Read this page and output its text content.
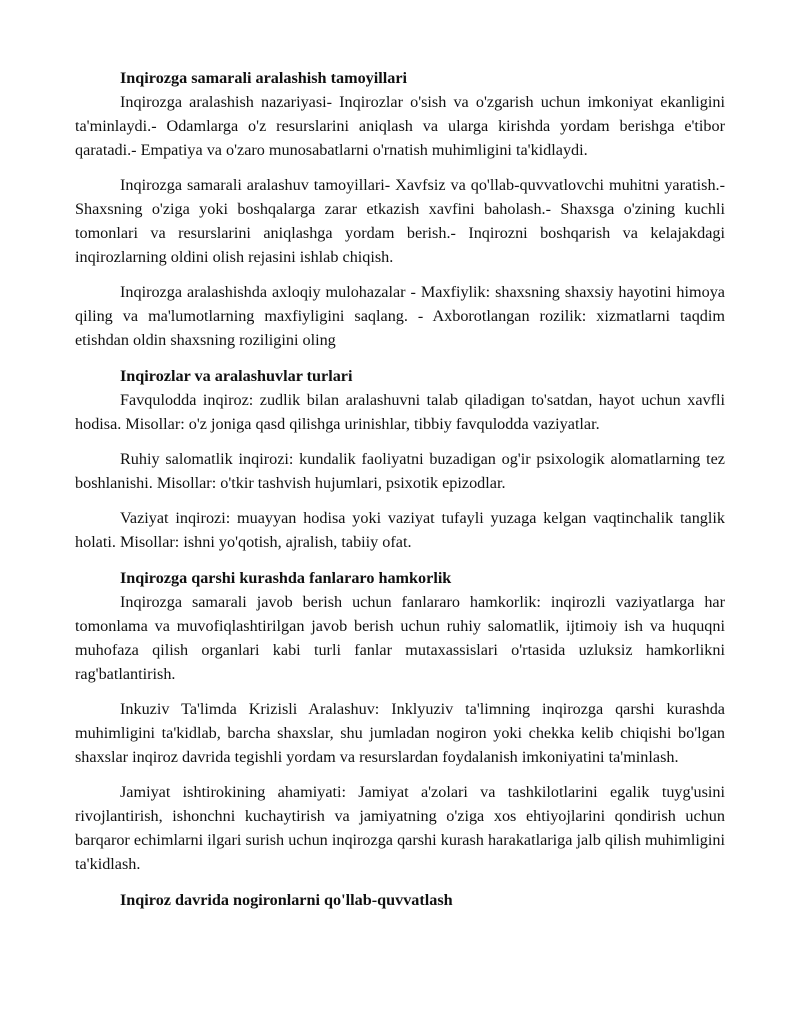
Inqirozga samarali aralashish tamoyillari

Inqirozga aralashish nazariyasi- Inqirozlar o'sish va o'zgarish uchun imkoniyat ekanligini ta'minlaydi.- Odamlarga o'z resurslarini aniqlash va ularga kirishda yordam berishga e'tibor qaratadi.- Empatiya va o'zaro munosabatlarni o'rnatish muhimligini ta'kidlaydi.

Inqirozga samarali aralashuv tamoyillari- Xavfsiz va qo'llab-quvvatlovchi muhitni yaratish.- Shaxsning o'ziga yoki boshqalarga zarar etkazish xavfini baholash.- Shaxsga o'zining kuchli tomonlari va resurslarini aniqlashga yordam berish.- Inqirozni boshqarish va kelajakdagi inqirozlarning oldini olish rejasini ishlab chiqish.

Inqirozga aralashishda axloqiy mulohazalar - Maxfiylik: shaxsning shaxsiy hayotini himoya qiling va ma'lumotlarning maxfiyligini saqlang. - Axborotlangan rozilik: xizmatlarni taqdim etishdan oldin shaxsning roziligini oling

Inqirozlar va aralashuvlar turlari

Favqulodda inqiroz: zudlik bilan aralashuvni talab qiladigan to'satdan, hayot uchun xavfli hodisa. Misollar: o'z joniga qasd qilishga urinishlar, tibbiy favqulodda vaziyatlar.

Ruhiy salomatlik inqirozi: kundalik faoliyatni buzadigan og'ir psixologik alomatlarning tez boshlanishi. Misollar: o'tkir tashvish hujumlari, psixotik epizodlar.

Vaziyat inqirozi: muayyan hodisa yoki vaziyat tufayli yuzaga kelgan vaqtinchalik tanglik holati. Misollar: ishni yo'qotish, ajralish, tabiiy ofat.

Inqirozga qarshi kurashda fanlararo hamkorlik

Inqirozga samarali javob berish uchun fanlararo hamkorlik: inqirozli vaziyatlarga har tomonlama va muvofiqlashtirilgan javob berish uchun ruhiy salomatlik, ijtimoiy ish va huquqni muhofaza qilish organlari kabi turli fanlar mutaxassislari o'rtasida uzluksiz hamkorlikni rag'batlantirish.

Inkuziv Ta'limda Krizisli Aralashuv: Inklyuziv ta'limning inqirozga qarshi kurashda muhimligini ta'kidlab, barcha shaxslar, shu jumladan nogiron yoki chekka kelib chiqishi bo'lgan shaxslar inqiroz davrida tegishli yordam va resurslardan foydalanish imkoniyatini ta'minlash.

Jamiyat ishtirokining ahamiyati: Jamiyat a'zolari va tashkilotlarini egalik tuyg'usini rivojlantirish, ishonchni kuchaytirish va jamiyatning o'ziga xos ehtiyojlarini qondirish uchun barqaror echimlarni ilgari surish uchun inqirozga qarshi kurash harakatlariga jalb qilish muhimligini ta'kidlash.

Inqiroz davrida nogironlarni qo'llab-quvvatlash
